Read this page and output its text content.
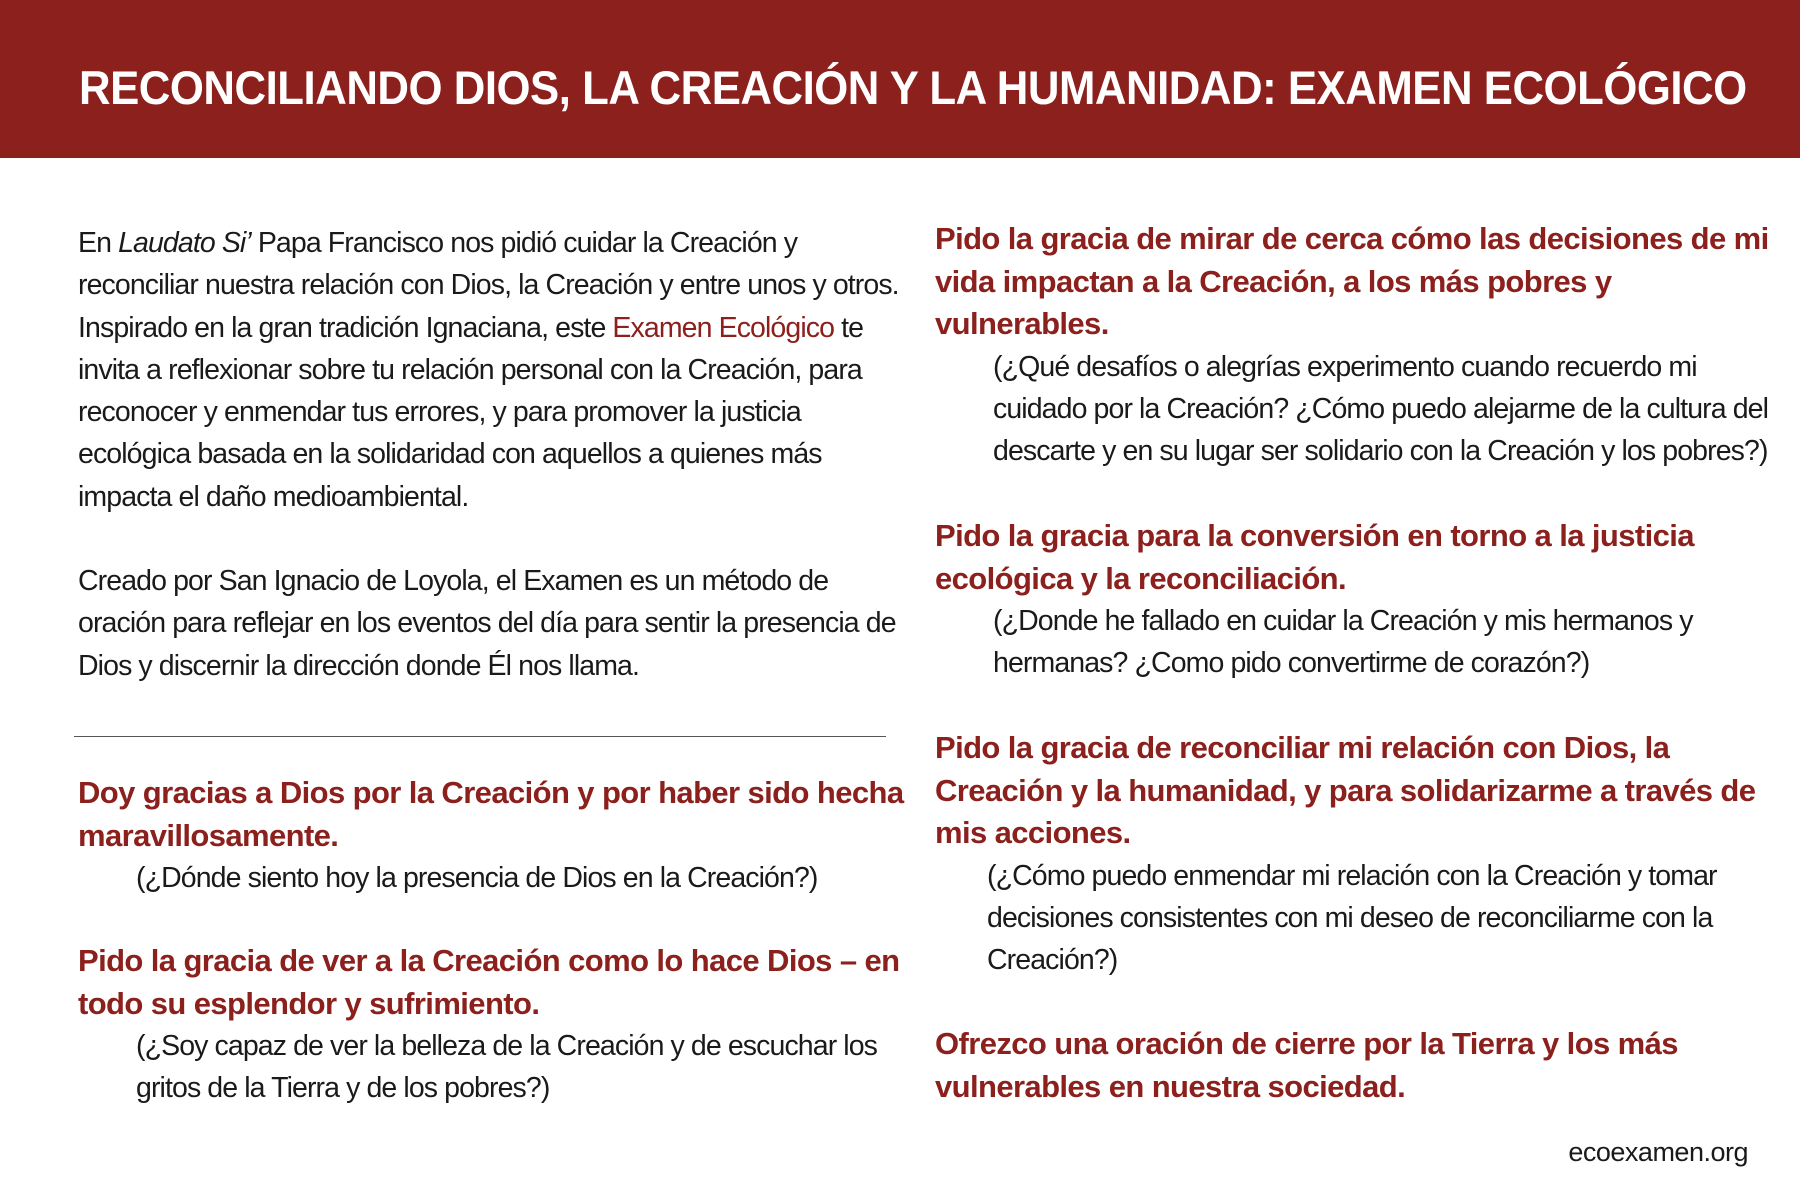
RECONCILIANDO DIOS, LA CREACIÓN Y LA HUMANIDAD: EXAMEN ECOLÓGICO

En Laudato Si’ Papa Francisco nos pidió cuidar la Creación y reconciliar nuestra relación con Dios, la Creación y entre unos y otros. Inspirado en la gran tradición Ignaciana, este Examen Ecológico te invita a reflexionar sobre tu relación personal con la Creación, para reconocer y enmendar tus errores, y para promover la justicia ecológica basada en la solidaridad con aquellos a quienes más impacta el daño medioambiental.

Creado por San Ignacio de Loyola, el Examen es un método de oración para reflejar en los eventos del día para sentir la presencia de Dios y discernir la dirección donde Él nos llama.

Doy gracias a Dios por la Creación y por haber sido hecha maravillosamente.

(¿Dónde siento hoy la presencia de Dios en la Creación?)

Pido la gracia de ver a la Creación como lo hace Dios – en todo su esplendor y sufrimiento.

(¿Soy capaz de ver la belleza de la Creación y de escuchar los gritos de la Tierra y de los pobres?)

Pido la gracia de mirar de cerca cómo las decisiones de mi vida impactan a la Creación, a los más pobres y vulnerables.

(¿Qué desafíos o alegrías experimento cuando recuerdo mi cuidado por la Creación? ¿Cómo puedo alejarme de la cultura del descarte y en su lugar ser solidario con la Creación y los pobres?)

Pido la gracia para la conversión en torno a la justicia ecológica y la reconciliación.

(¿Donde he fallado en cuidar la Creación y mis hermanos y hermanas? ¿Como pido convertirme de corazón?)

Pido la gracia de reconciliar mi relación con Dios, la Creación y la humanidad, y para solidarizarme a través de mis acciones.

(¿Cómo puedo enmendar mi relación con la Creación y tomar decisiones consistentes con mi deseo de reconciliarme con la Creación?)

Ofrezco una oración de cierre por la Tierra y los más vulnerables en nuestra sociedad.

ecoexamen.org
